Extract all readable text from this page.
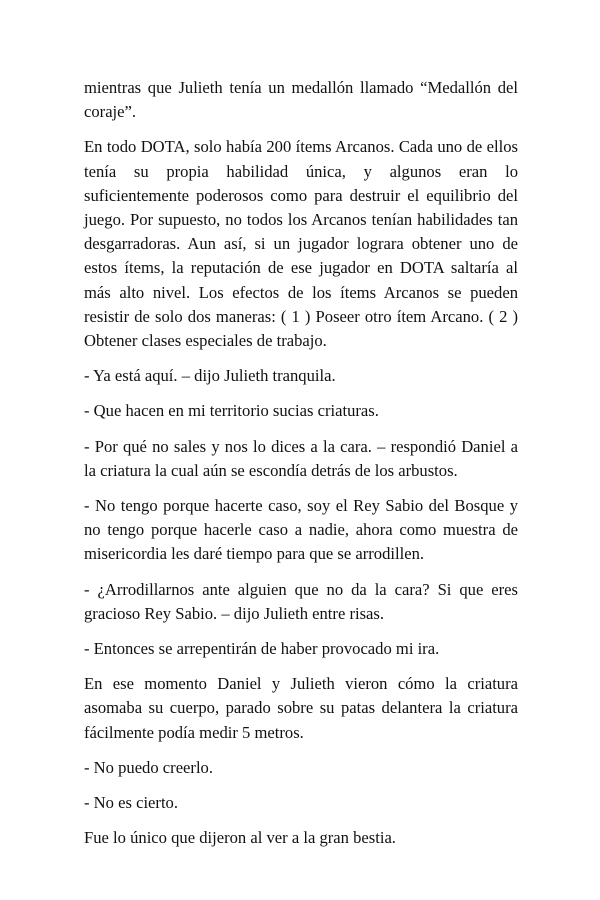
mientras que Julieth tenía un medallón llamado “Medallón del coraje”.

En todo DOTA, solo había 200 ítems Arcanos. Cada uno de ellos tenía su propia habilidad única, y algunos eran lo suficientemente poderosos como para destruir el equilibrio del juego. Por supuesto, no todos los Arcanos tenían habilidades tan desgarradoras. Aun así, si un jugador lograra obtener uno de estos ítems, la reputación de ese jugador en DOTA saltaría al más alto nivel. Los efectos de los ítems Arcanos se pueden resistir de solo dos maneras: ( 1 ) Poseer otro ítem Arcano. ( 2 ) Obtener clases especiales de trabajo.

- Ya está aquí. – dijo Julieth tranquila.

- Que hacen en mi territorio sucias criaturas.

- Por qué no sales y nos lo dices a la cara. – respondió Daniel a la criatura la cual aún se escondía detrás de los arbustos.

- No tengo porque hacerte caso, soy el Rey Sabio del Bosque y no tengo porque hacerle caso a nadie, ahora como muestra de misericordia les daré tiempo para que se arrodillen.

- ¿Arrodillarnos ante alguien que no da la cara? Si que eres gracioso Rey Sabio. – dijo Julieth entre risas.

- Entonces se arrepentirán de haber provocado mi ira.

En ese momento Daniel y Julieth vieron cómo la criatura asomaba su cuerpo, parado sobre su patas delantera la criatura fácilmente podía medir 5 metros.

- No puedo creerlo.

- No es cierto.

Fue lo único que dijeron al ver a la gran bestia.
